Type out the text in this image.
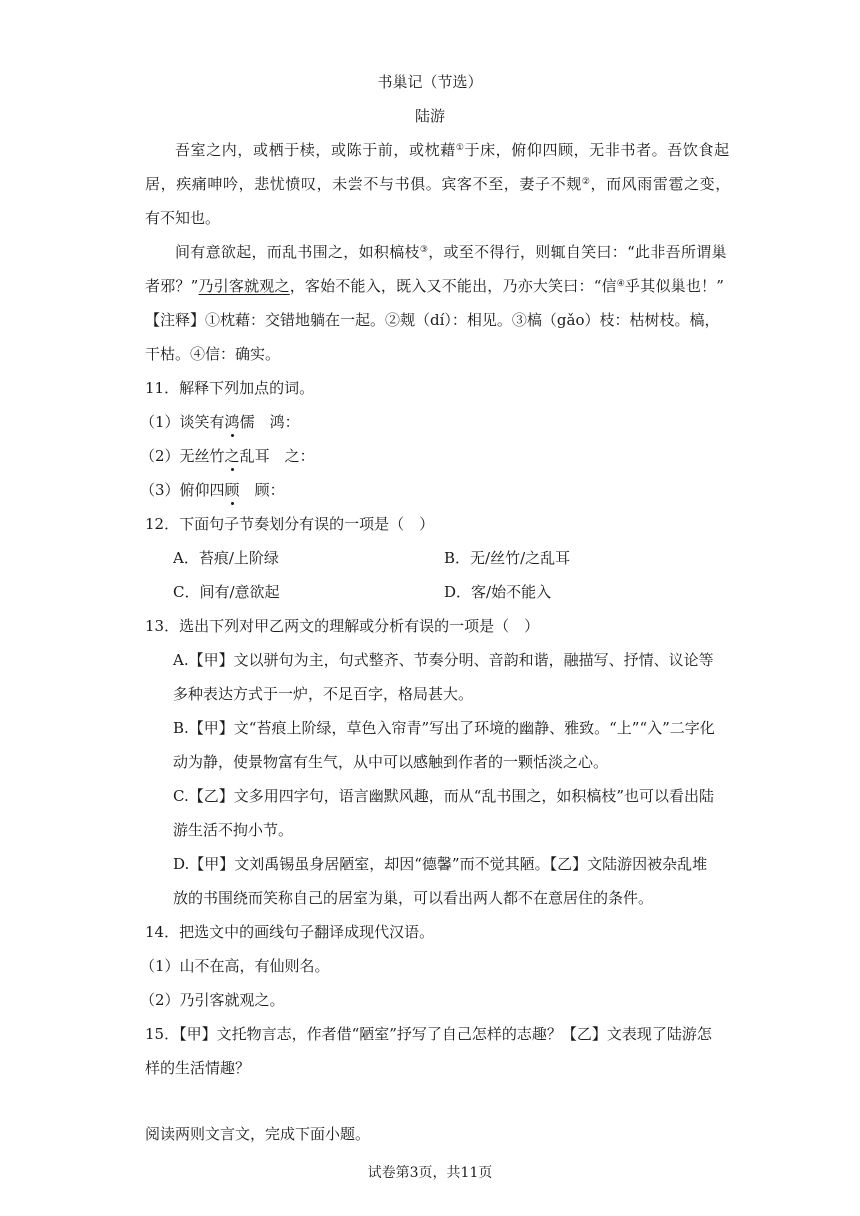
书巢记（节选）
陆游
吾室之内，或栖于椟，或陈于前，或枕藉①于床，俯仰四顾，无非书者。吾饮食起
居，疾痛呻吟，悲忧愤叹，未尝不与书俱。宾客不至，妻子不觌②，而风雨雷雹之变，
有不知也。
间有意欲起，而乱书围之，如积槁枝③，或至不得行，则辄自笑曰：“此非吾所谓巢
者邪？”乃引客就观之，客始不能入，既入又不能出，乃亦大笑曰：“信④乎其似巢也！”
【注释】①枕藉：交错地躺在一起。②觌（dí）：相见。③槁（gǎo）枝：枯树枝。槁，
干枯。④信：确实。
11．解释下列加点的词。
（1）谈笑有鸿儒　鸿：
（2）无丝竹之乱耳　之：
（3）俯仰四顾　顾：
12．下面句子节奏划分有误的一项是（　）
A．苔痕/上阶绿	B．无/丝竹/之乱耳
C．间有/意欲起	D．客/始不能入
13．选出下列对甲乙两文的理解或分析有误的一项是（　）
A.【甲】文以骈句为主，句式整齐、节奏分明、音韵和谐，融描写、抒情、议论等
多种表达方式于一炉，不足百字，格局甚大。
B.【甲】文“苔痕上阶绿，草色入帘青”写出了环境的幽静、雅致。“上”“入”二字化
动为静，使景物富有生气，从中可以感触到作者的一颗恬淡之心。
C.【乙】文多用四字句，语言幽默风趣，而从“乱书围之，如积槁枝”也可以看出陆
游生活不拘小节。
D.【甲】文刘禹锡虽身居陋室，却因“德馨”而不觉其陋。【乙】文陆游因被杂乱堆
放的书围绕而笑称自己的居室为巢，可以看出两人都不在意居住的条件。
14．把选文中的画线句子翻译成现代汉语。
（1）山不在高，有仙则名。
（2）乃引客就观之。
15．【甲】文托物言志，作者借“陋室”抒写了自己怎样的志趣？【乙】文表现了陆游怎
样的生活情趣？
阅读两则文言文，完成下面小题。
试卷第3页，共11页
